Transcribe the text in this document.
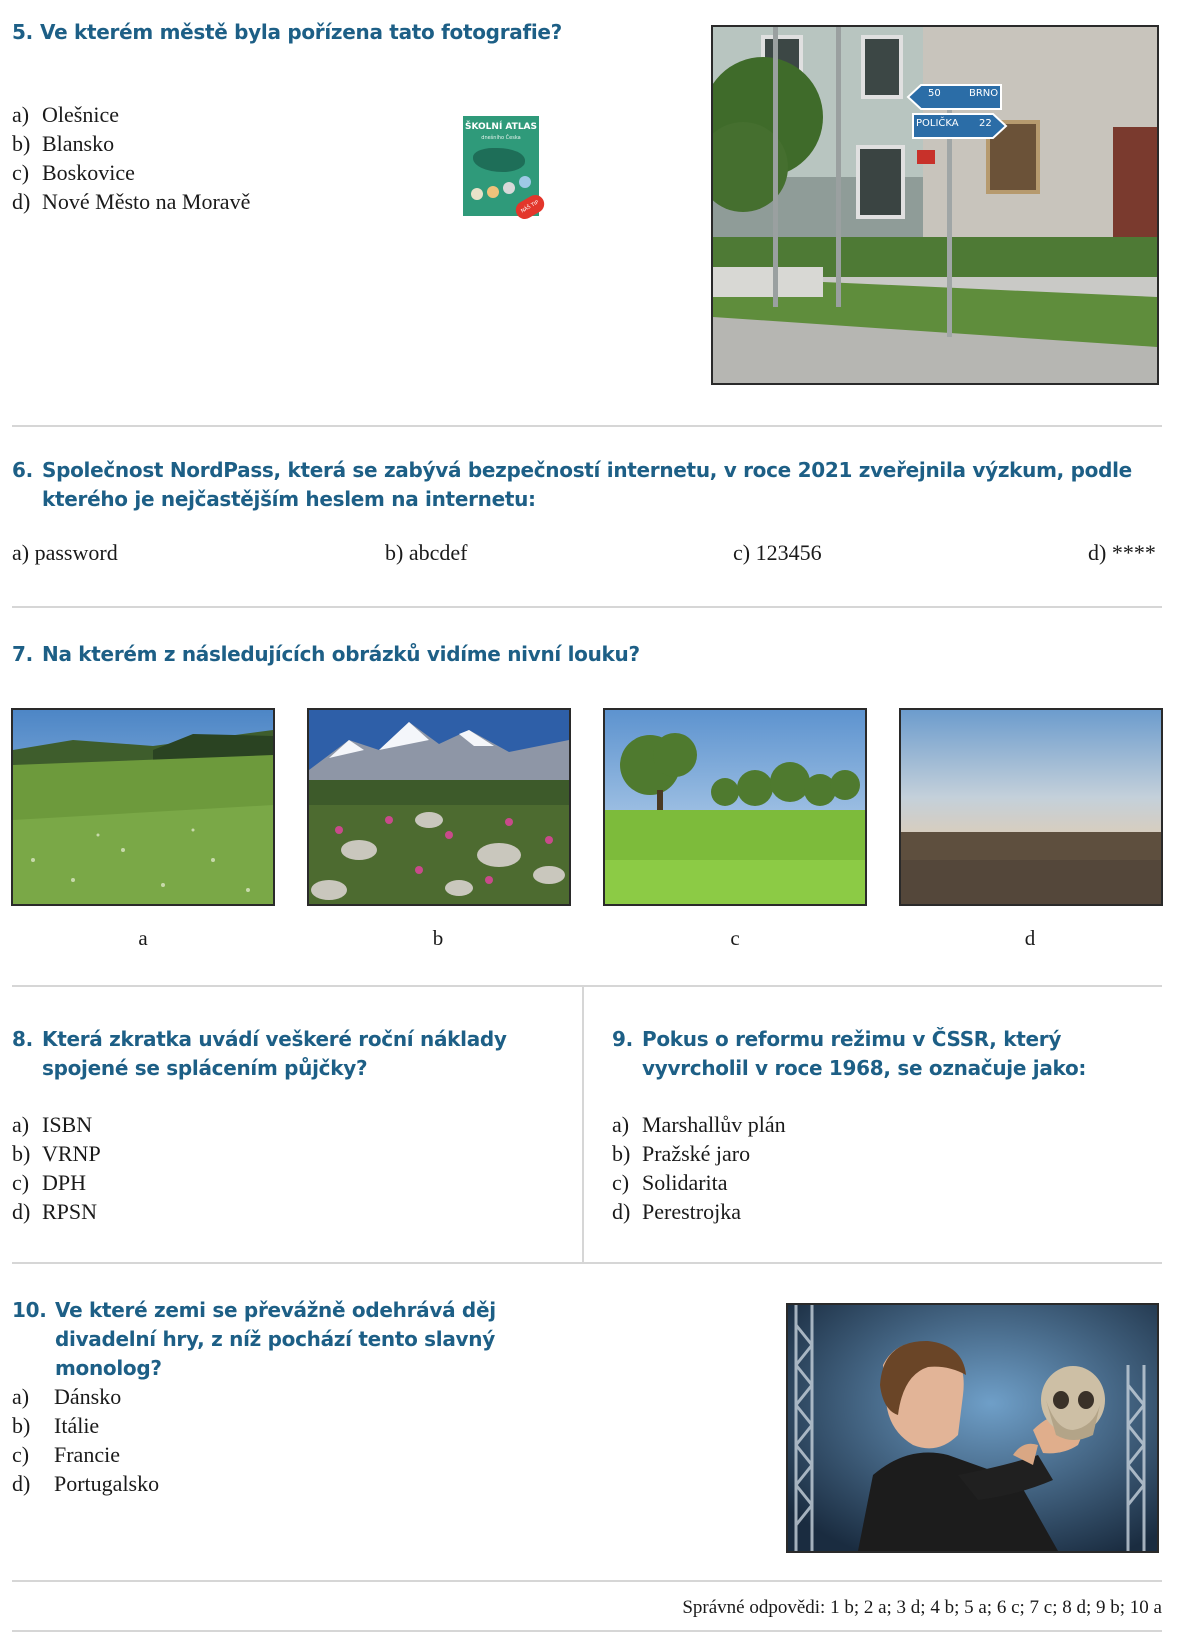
5. Ve kterém městě byla pořízena tato fotografie?
a) Olešnice
b) Blansko
c) Boskovice
d) Nové Město na Moravě
ŠKOLNÍ ATLAS
dnešního Česka
NÁŠ TIP
50	BRNO
POLIČKA 22
6. Společnost NordPass, která se zabývá bezpečností internetu, v roce 2021 zveřejnila výzkum, podle kterého je nejčastějším heslem na internetu:
a) password	b) abcdef	c) 123456	d) ****
7. Na kterém z následujících obrázků vidíme nivní louku?
a	b	c	d
8. Která zkratka uvádí veškeré roční náklady spojené se splácením půjčky?
a) ISBN
b) VRNP
c) DPH
d) RPSN
9. Pokus o reformu režimu v ČSSR, který vyvrcholil v roce 1968, se označuje jako:
a) Marshallův plán
b) Pražské jaro
c) Solidarita
d) Perestrojka
10. Ve které zemi se převážně odehrává děj divadelní hry, z níž pochází tento slavný monolog?
a)	Dánsko
b)	Itálie
c)	Francie
d)	Portugalsko
Správné odpovědi: 1 b; 2 a; 3 d; 4 b; 5 a; 6 c; 7 c; 8 d; 9 b; 10 a
